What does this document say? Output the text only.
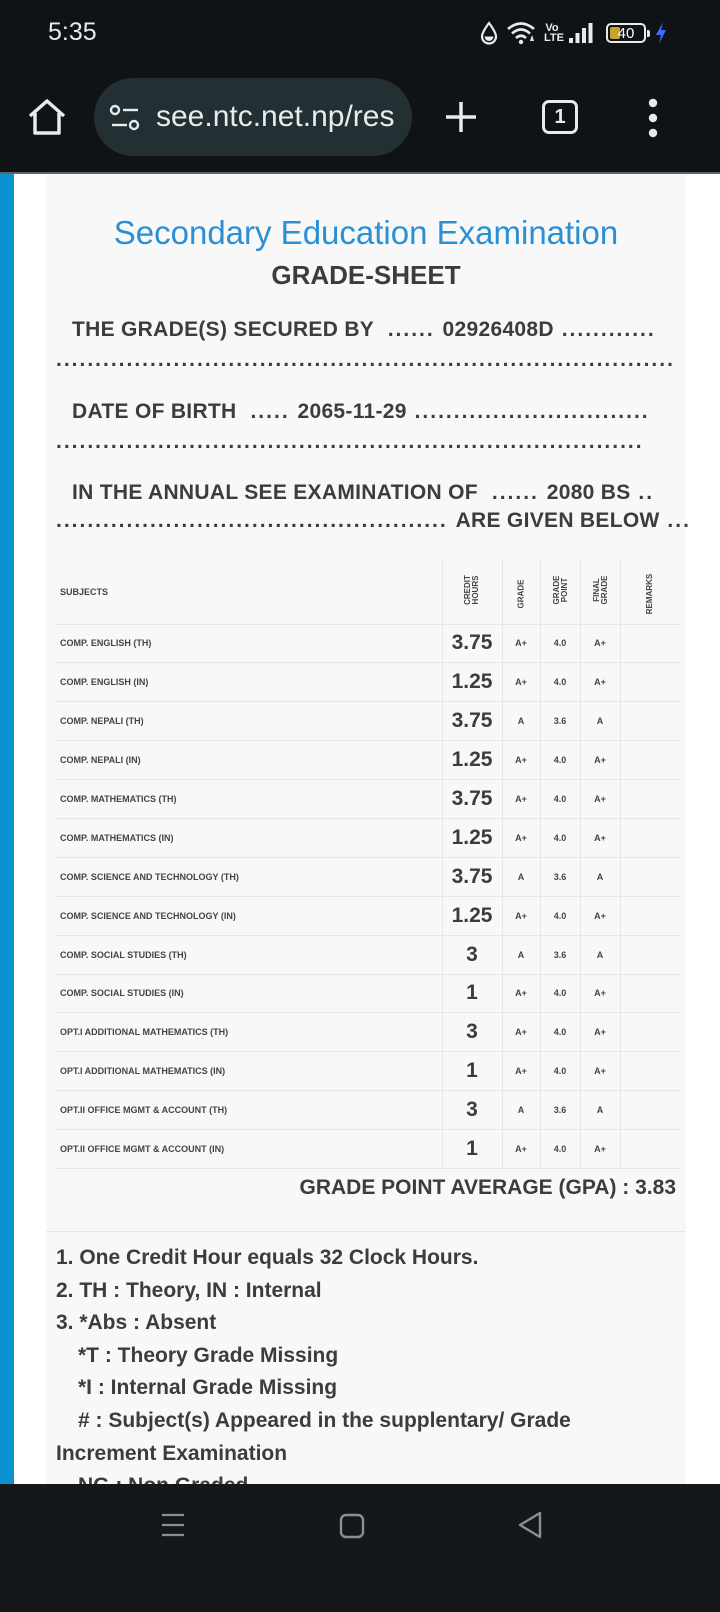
5:35	Vo
LTE	40
see.ntc.net.np/res	1
Secondary Education Examination
GRADE-SHEET
THE GRADE(S) SECURED BY  ...... 02926408D ............
...............................................................................
DATE OF BIRTH  ..... 2065-11-29 ..............................
...........................................................................
IN THE ANNUAL SEE EXAMINATION OF  ...... 2080 BS ..
.................................................. ARE GIVEN BELOW ...
SUBJECTS	CREDIT HOURS	GRADE	GRADE POINT	FINAL GRADE	REMARKS
COMP. ENGLISH (TH)	3.75	A+	4.0	A+	
COMP. ENGLISH (IN)	1.25	A+	4.0	A+	
COMP. NEPALI (TH)	3.75	A	3.6	A	
COMP. NEPALI (IN)	1.25	A+	4.0	A+	
COMP. MATHEMATICS (TH)	3.75	A+	4.0	A+	
COMP. MATHEMATICS (IN)	1.25	A+	4.0	A+	
COMP. SCIENCE AND TECHNOLOGY (TH)	3.75	A	3.6	A	
COMP. SCIENCE AND TECHNOLOGY (IN)	1.25	A+	4.0	A+	
COMP. SOCIAL STUDIES (TH)	3	A	3.6	A	
COMP. SOCIAL STUDIES (IN)	1	A+	4.0	A+	
OPT.I ADDITIONAL MATHEMATICS (TH)	3	A+	4.0	A+	
OPT.I ADDITIONAL MATHEMATICS (IN)	1	A+	4.0	A+	
OPT.II OFFICE MGMT & ACCOUNT (TH)	3	A	3.6	A	
OPT.II OFFICE MGMT & ACCOUNT (IN)	1	A+	4.0	A+	
GRADE POINT AVERAGE (GPA) : 3.83
1. One Credit Hour equals 32 Clock Hours.
2. TH : Theory, IN : Internal
3. *Abs : Absent
*T : Theory Grade Missing
*I : Internal Grade Missing
# : Subject(s) Appeared in the supplentary/ Grade
Increment Examination
